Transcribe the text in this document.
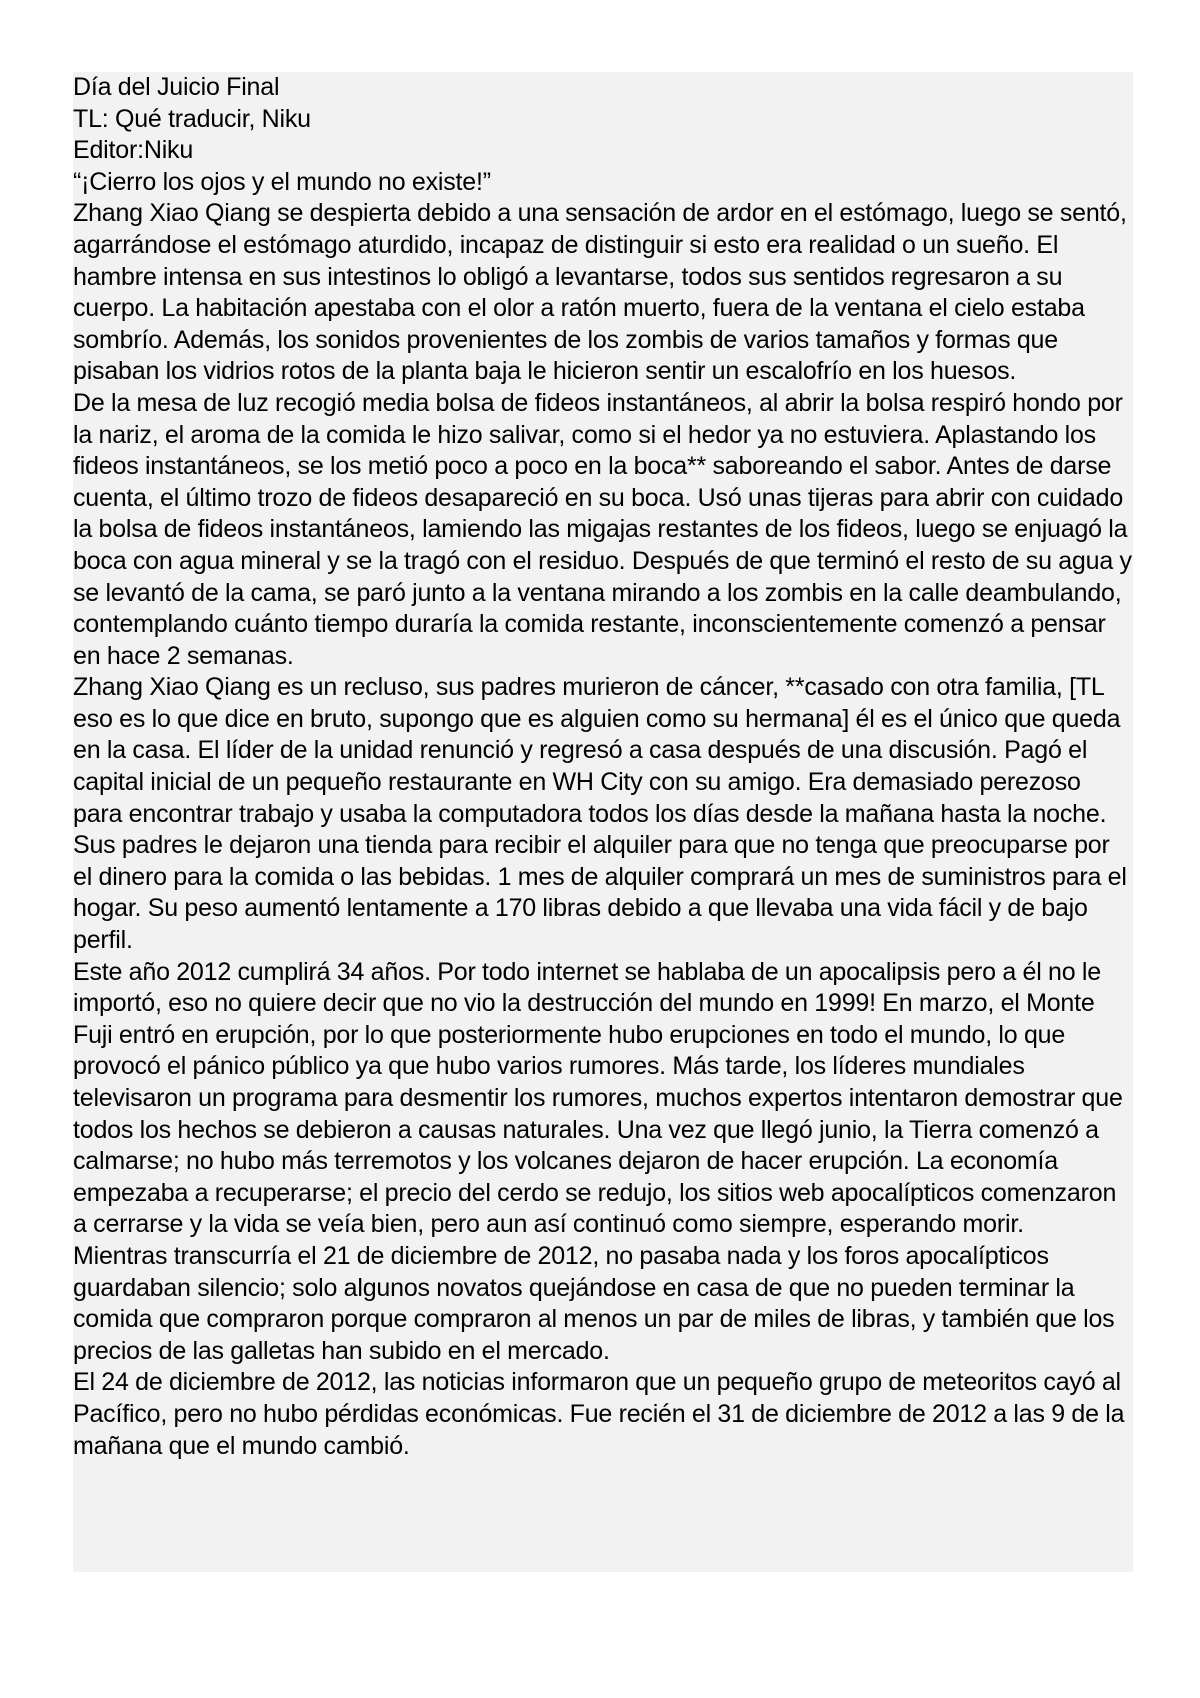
Día del Juicio Final

TL: Qué traducir, Niku

Editor:Niku

“¡Cierro los ojos y el mundo no existe!”

Zhang Xiao Qiang se despierta debido a una sensación de ardor en el estómago, luego se sentó, agarrándose el estómago aturdido, incapaz de distinguir si esto era realidad o un sueño. El hambre intensa en sus intestinos lo obligó a levantarse, todos sus sentidos regresaron a su cuerpo. La habitación apestaba con el olor a ratón muerto, fuera de la ventana el cielo estaba sombrío. Además, los sonidos provenientes de los zombis de varios tamaños y formas que pisaban los vidrios rotos de la planta baja le hicieron sentir un escalofrío en los huesos.

De la mesa de luz recogió media bolsa de fideos instantáneos, al abrir la bolsa respiró hondo por la nariz, el aroma de la comida le hizo salivar, como si el hedor ya no estuviera. Aplastando los fideos instantáneos, se los metió poco a poco en la boca** saboreando el sabor. Antes de darse cuenta, el último trozo de fideos desapareció en su boca. Usó unas tijeras para abrir con cuidado la bolsa de fideos instantáneos, lamiendo las migajas restantes de los fideos, luego se enjuagó la boca con agua mineral y se la tragó con el residuo. Después de que terminó el resto de su agua y se levantó de la cama, se paró junto a la ventana mirando a los zombis en la calle deambulando, contemplando cuánto tiempo duraría la comida restante, inconscientemente comenzó a pensar en hace 2 semanas.

Zhang Xiao Qiang es un recluso, sus padres murieron de cáncer, **casado con otra familia, [TL eso es lo que dice en bruto, supongo que es alguien como su hermana] él es el único que queda en la casa. El líder de la unidad renunció y regresó a casa después de una discusión. Pagó el capital inicial de un pequeño restaurante en WH City con su amigo. Era demasiado perezoso para encontrar trabajo y usaba la computadora todos los días desde la mañana hasta la noche. Sus padres le dejaron una tienda para recibir el alquiler para que no tenga que preocuparse por el dinero para la comida o las bebidas. 1 mes de alquiler comprará un mes de suministros para el hogar. Su peso aumentó lentamente a 170 libras debido a que llevaba una vida fácil y de bajo perfil.

Este año 2012 cumplirá 34 años. Por todo internet se hablaba de un apocalipsis pero a él no le importó, eso no quiere decir que no vio la destrucción del mundo en 1999! En marzo, el Monte Fuji entró en erupción, por lo que posteriormente hubo erupciones en todo el mundo, lo que provocó el pánico público ya que hubo varios rumores. Más tarde, los líderes mundiales televisaron un programa para desmentir los rumores, muchos expertos intentaron demostrar que todos los hechos se debieron a causas naturales. Una vez que llegó junio, la Tierra comenzó a calmarse; no hubo más terremotos y los volcanes dejaron de hacer erupción. La economía empezaba a recuperarse; el precio del cerdo se redujo, los sitios web apocalípticos comenzaron a cerrarse y la vida se veía bien, pero aun así continuó como siempre, esperando morir.

Mientras transcurría el 21 de diciembre de 2012, no pasaba nada y los foros apocalípticos guardaban silencio; solo algunos novatos quejándose en casa de que no pueden terminar la comida que compraron porque compraron al menos un par de miles de libras, y también que los precios de las galletas han subido en el mercado.

El 24 de diciembre de 2012, las noticias informaron que un pequeño grupo de meteoritos cayó al Pacífico, pero no hubo pérdidas económicas. Fue recién el 31 de diciembre de 2012 a las 9 de la mañana que el mundo cambió.
